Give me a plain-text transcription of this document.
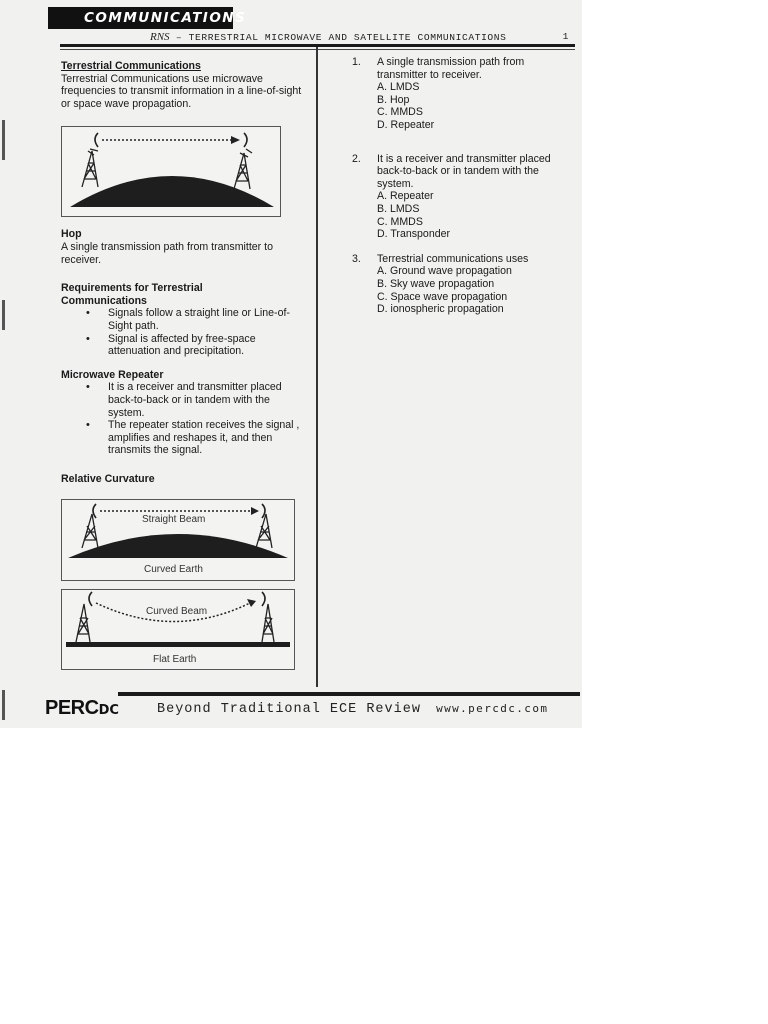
COMMUNICATIONS
RNS – TERRESTRIAL MICROWAVE AND SATELLITE COMMUNICATIONS	1

Terrestrial Communications

Terrestrial Communications use microwave frequencies to transmit information in a line-of-sight or space wave propagation.

Hop

A single transmission path from transmitter to receiver.

Requirements for Terrestrial Communications

• Signals follow a straight line or Line-of-Sight path.
• Signal is affected by free-space attenuation and precipitation.

Microwave Repeater

• It is a receiver and transmitter placed back-to-back or in tandem with the system.
• The repeater station receives the signal , amplifies and reshapes it, and then transmits the signal.

Relative Curvature

Straight Beam
Curved Earth
Curved Beam
Flat Earth
1. A single transmission path from transmitter to receiver.

A. LMDS
B. Hop
C. MMDS
D. Repeater
2. It is a receiver and transmitter placed back-to-back or in tandem with the system.

A. Repeater
B. LMDS
C. MMDS
D. Transponder
3. Terrestrial communications uses

A. Ground wave propagation
B. Sky wave propagation
C. Space wave propagation
D. ionospheric propagation
PERCDC	Beyond Traditional ECE Review www.percdc.com
